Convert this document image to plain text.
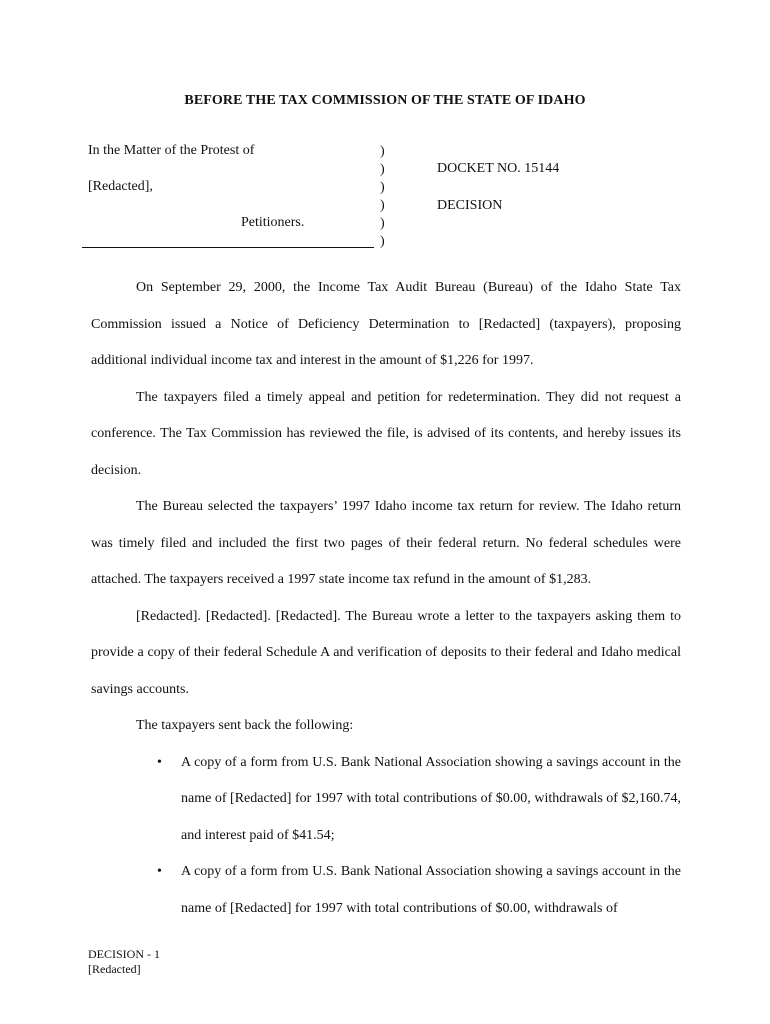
BEFORE THE TAX COMMISSION OF THE STATE OF IDAHO
In the Matter of the Protest of
[Redacted],
Petitioners.
)
)
)
)
)
)
DOCKET NO. 15144
DECISION

On September 29, 2000, the Income Tax Audit Bureau (Bureau) of the Idaho State Tax Commission issued a Notice of Deficiency Determination to [Redacted] (taxpayers), proposing additional individual income tax and interest in the amount of $1,226 for 1997.

The taxpayers filed a timely appeal and petition for redetermination. They did not request a conference. The Tax Commission has reviewed the file, is advised of its contents, and hereby issues its decision.

The Bureau selected the taxpayers’ 1997 Idaho income tax return for review. The Idaho return was timely filed and included the first two pages of their federal return. No federal schedules were attached. The taxpayers received a 1997 state income tax refund in the amount of $1,283.

[Redacted]. [Redacted]. [Redacted]. The Bureau wrote a letter to the taxpayers asking them to provide a copy of their federal Schedule A and verification of deposits to their federal and Idaho medical savings accounts.

The taxpayers sent back the following:

• A copy of a form from U.S. Bank National Association showing a savings account in the name of [Redacted] for 1997 with total contributions of $0.00, withdrawals of $2,160.74, and interest paid of $41.54;
• A copy of a form from U.S. Bank National Association showing a savings account in the name of [Redacted] for 1997 with total contributions of $0.00, withdrawals of
DECISION - 1
[Redacted]
